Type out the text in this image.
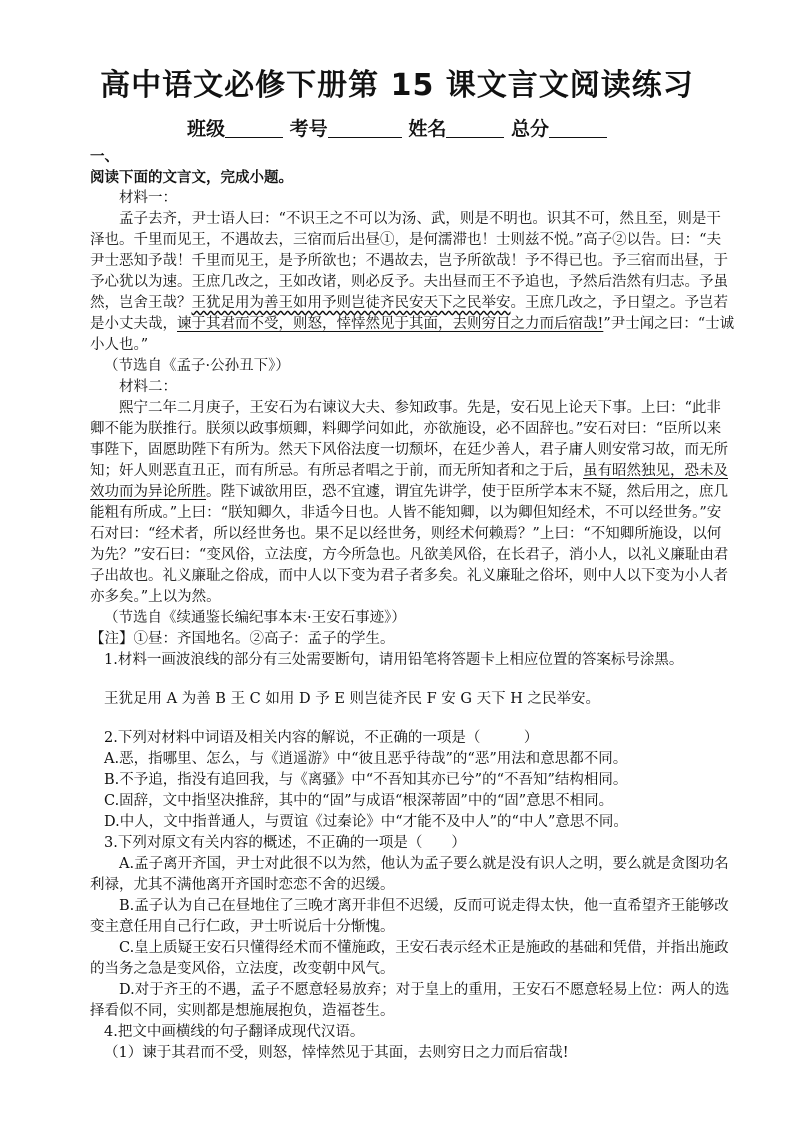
高中语文必修下册第 15 课文言文阅读练习
班级	考号	姓名	总分

一、

阅读下面的文言文，完成小题。

材料一：

孟子去齐，尹士语人曰：“不识王之不可以为汤、武，则是不明也。识其不可，然且至，则是干泽也。千里而见王，不遇故去，三宿而后出昼①，是何濡滞也！士则兹不悦。”高子②以告。曰：“夫尹士恶知予哉！千里而见王，是予所欲也；不遇故去，岂予所欲哉！予不得已也。予三宿而出昼，于予心犹以为速。王庶几改之，王如改诸，则必反予。夫出昼而王不予追也，予然后浩然有归志。予虽然，岂舍王哉？王犹足用为善王如用予则岂徒齐民安天下之民举安。王庶几改之，予日望之。予岂若是小丈夫哉，谏于其君而不受，则怒，悻悻然见于其面，去则穷日之力而后宿哉!”尹士闻之曰：“士诚小人也。”

（节选自《孟子·公孙丑下》）

材料二：

熙宁二年二月庚子，王安石为右谏议大夫、参知政事。先是，安石见上论天下事。上曰：“此非卿不能为朕推行。朕须以政事烦卿，料卿学问如此，亦欲施设，必不固辞也。”安石对曰：“臣所以来事陛下，固愿助陛下有所为。然天下风俗法度一切颓坏，在廷少善人，君子庸人则安常习故，而无所知；奸人则恶直丑正，而有所忌。有所忌者唱之于前，而无所知者和之于后，虽有昭然独见，恐未及效功而为异论所胜。陛下诚欲用臣，恐不宜遽，谓宜先讲学，使于臣所学本末不疑，然后用之，庶几能粗有所成。”上曰：“朕知卿久，非适今日也。人皆不能知卿，以为卿但知经术，不可以经世务。”安石对曰：“经术者，所以经世务也。果不足以经世务，则经术何赖焉？”上曰：“不知卿所施设，以何为先？”安石曰：“变风俗，立法度，方今所急也。凡欲美风俗，在长君子，消小人，以礼义廉耻由君子出故也。礼义廉耻之俗成，而中人以下变为君子者多矣。礼义廉耻之俗坏，则中人以下变为小人者亦多矣。”上以为然。

（节选自《续通鉴长编纪事本末·王安石事迹》）

【注】①昼：齐国地名。②高子：孟子的学生。

1.材料一画波浪线的部分有三处需要断句，请用铅笔将答题卡上相应位置的答案标号涂黑。

王犹足用 A 为善 B 王 C 如用 D 予 E 则岂徒齐民 F 安 G 天下 H 之民举安。

2.下列对材料中词语及相关内容的解说，不正确的一项是（　　　）

A.恶，指哪里、怎么，与《逍遥游》中“彼且恶乎待哉”的“恶”用法和意思都不同。

B.不予追，指没有追回我，与《离骚》中“不吾知其亦已兮”的“不吾知”结构相同。

C.固辞，文中指坚决推辞，其中的“固”与成语“根深蒂固”中的“固”意思不相同。

D.中人，文中指普通人，与贾谊《过秦论》中“才能不及中人”的“中人”意思不同。

3.下列对原文有关内容的概述，不正确的一项是（　　）

A.孟子离开齐国，尹士对此很不以为然，他认为孟子要么就是没有识人之明，要么就是贪图功名利禄，尤其不满他离开齐国时恋恋不舍的迟缓。

B.孟子认为自己在昼地住了三晚才离开非但不迟缓，反而可说走得太快，他一直希望齐王能够改变主意任用自己行仁政，尹士听说后十分惭愧。

C.皇上质疑王安石只懂得经术而不懂施政，王安石表示经术正是施政的基础和凭借，并指出施政的当务之急是变风俗，立法度，改变朝中风气。

D.对于齐王的不遇，孟子不愿意轻易放弃；对于皇上的重用，王安石不愿意轻易上位：两人的选择看似不同，实则都是想施展抱负，造福苍生。

4.把文中画横线的句子翻译成现代汉语。

（1）谏于其君而不受，则怒，悻悻然见于其面，去则穷日之力而后宿哉!
